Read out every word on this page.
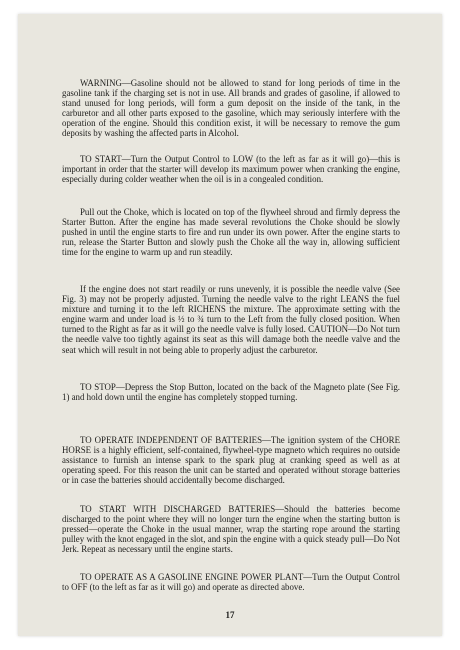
WARNING—Gasoline should not be allowed to stand for long periods of time in the gasoline tank if the charging set is not in use. All brands and grades of gasoline, if allowed to stand unused for long periods, will form a gum deposit on the inside of the tank, in the carburetor and all other parts exposed to the gasoline, which may seriously interfere with the operation of the engine. Should this condition exist, it will be necessary to remove the gum deposits by washing the affected parts in Alcohol.

TO START—Turn the Output Control to LOW (to the left as far as it will go)—this is important in order that the starter will develop its maximum power when cranking the engine, especially during colder weather when the oil is in a congealed condition.

Pull out the Choke, which is located on top of the flywheel shroud and firmly depress the Starter Button. After the engine has made several revolutions the Choke should be slowly pushed in until the engine starts to fire and run under its own power. After the engine starts to run, release the Starter Button and slowly push the Choke all the way in, allowing sufficient time for the engine to warm up and run steadily.

If the engine does not start readily or runs unevenly, it is possible the needle valve (See Fig. 3) may not be properly adjusted. Turning the needle valve to the right LEANS the fuel mixture and turning it to the left RICHENS the mixture. The approximate setting with the engine warm and under load is ½ to ¾ turn to the Left from the fully closed position. When turned to the Right as far as it will go the needle valve is fully losed. CAUTION—Do Not turn the needle valve too tightly against its seat as this will damage both the needle valve and the seat which will result in not being able to properly adjust the carburetor.

TO STOP—Depress the Stop Button, located on the back of the Magneto plate (See Fig. 1) and hold down until the engine has completely stopped turning.

TO OPERATE INDEPENDENT OF BATTERIES—The ignition system of the CHORE HORSE is a highly efficient, self-contained, flywheel-type magneto which requires no outside assistance to furnish an intense spark to the spark plug at cranking speed as well as at operating speed. For this reason the unit can be started and operated without storage batteries or in case the batteries should accidentally become discharged.

TO START WITH DISCHARGED BATTERIES—Should the batteries become discharged to the point where they will no longer turn the engine when the starting button is pressed—operate the Choke in the usual manner, wrap the starting rope around the starting pulley with the knot engaged in the slot, and spin the engine with a quick steady pull—Do Not Jerk. Repeat as necessary until the engine starts.

TO OPERATE AS A GASOLINE ENGINE POWER PLANT—Turn the Output Control to OFF (to the left as far as it will go) and operate as directed above.

17
